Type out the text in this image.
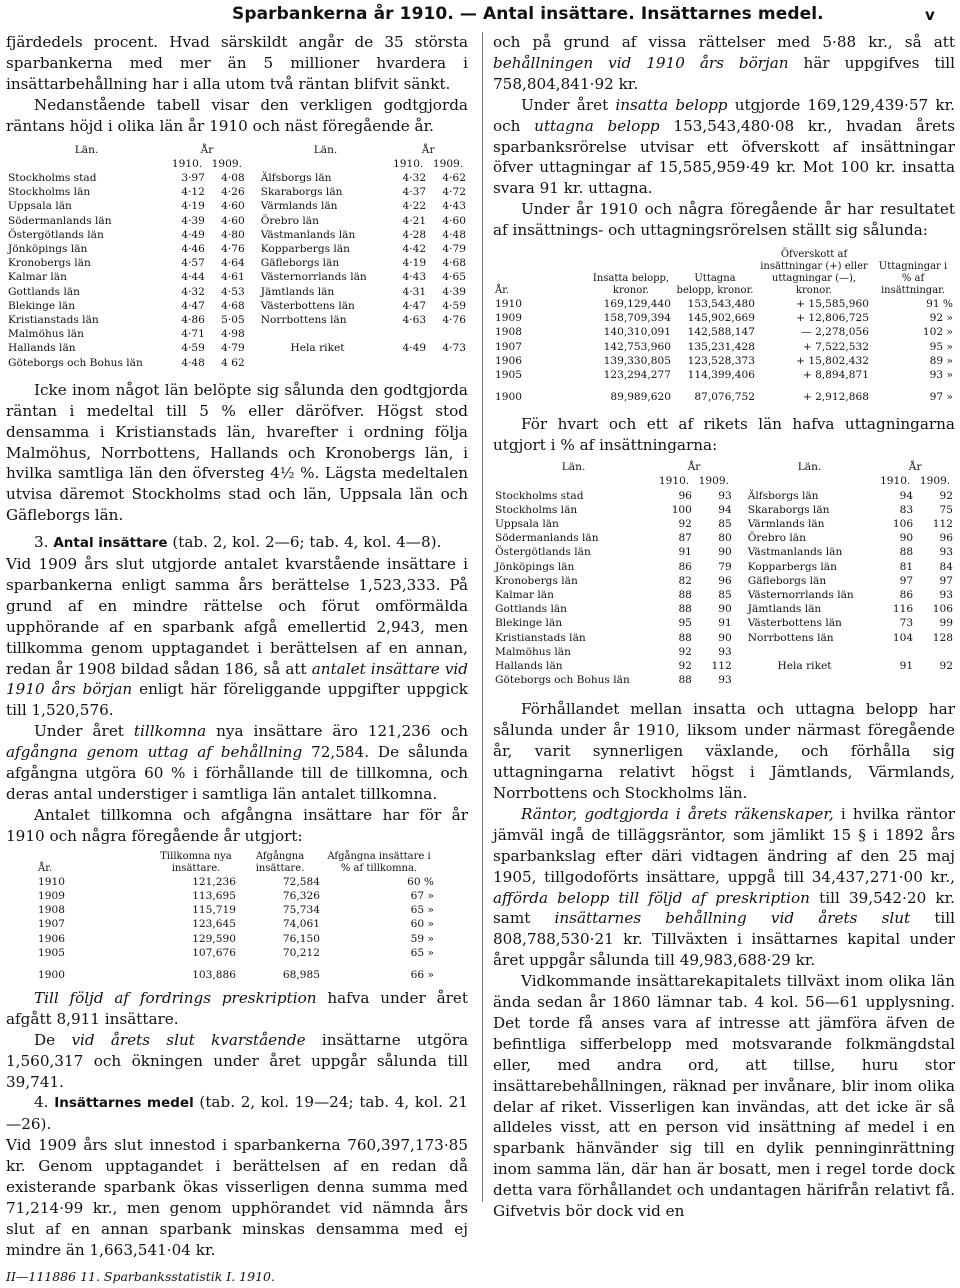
Sparbankerna år 1910. — Antal insättare. Insättarnes medel.	v

fjärdedels procent. Hvad särskildt angår de 35 största sparbankerna med mer än 5 millioner hvardera i insättarbehållning har i alla utom två räntan blifvit sänkt.

Nedanstående tabell visar den verkligen godtgjorda räntans höjd i olika län år 1910 och näst föregående år.

Län.	År		Län.	År	
	1910.	1909.		1910.	1909.
Stockholms stad	3·97	4·08	Älfsborgs län	4·32	4·62
Stockholms län	4·12	4·26	Skaraborgs län	4·37	4·72
Uppsala län	4·19	4·60	Värmlands län	4·22	4·43
Södermanlands län	4·39	4·60	Örebro län	4·21	4·60
Östergötlands län	4·49	4·80	Västmanlands län	4·28	4·48
Jönköpings län	4·46	4·76	Kopparbergs län	4·42	4·79
Kronobergs län	4·57	4·64	Gäfleborgs län	4·19	4·68
Kalmar län	4·44	4·61	Västernorrlands län	4·43	4·65
Gottlands län	4·32	4·53	Jämtlands län	4·31	4·39
Blekinge län	4·47	4·68	Västerbottens län	4·47	4·59
Kristianstads län	4·86	5·05	Norrbottens län	4·63	4·76
Malmöhus län	4·71	4·98			
Hallands län	4·59	4·79	Hela riket	4·49	4·73
Göteborgs och Bohus län	4·48	4 62			

Icke inom något län belöpte sig sålunda den godtgjorda räntan i medeltal till 5 % eller däröfver. Högst stod densamma i Kristianstads län, hvarefter i ordning följa Malmöhus, Norrbottens, Hallands och Kronobergs län, i hvilka samtliga län den öfversteg 4½ %. Lägsta medeltalen utvisa däremot Stockholms stad och län, Uppsala län och Gäfleborgs län.

3. Antal insättare (tab. 2, kol. 2—6; tab. 4, kol. 4—8).

Vid 1909 års slut utgjorde antalet kvarstående insättare i sparbankerna enligt samma års berättelse 1,523,333. På grund af en mindre rättelse och förut omförmälda upphörande af en sparbank afgå emellertid 2,943, men tillkomma genom upptagandet i berättelsen af en annan, redan år 1908 bildad sådan 186, så att antalet insättare vid 1910 års början enligt här föreliggande uppgifter uppgick till 1,520,576.

Under året tillkomna nya insättare äro 121,236 och afgångna genom uttag af behållning 72,584. De sålunda afgångna utgöra 60 % i förhållande till de tillkomna, och deras antal understiger i samtliga län antalet tillkomna.

Antalet tillkomna och afgångna insättare har för år 1910 och några föregående år utgjort:

År.	Tillkomna nya insättare.	Afgångna insättare.	Afgångna insättare i % af tillkomna.
1910	121,236	72,584	60 %
1909	113,695	76,326	67 »
1908	115,719	75,734	65 »
1907	123,645	74,061	60 »
1906	129,590	76,150	59 »
1905	107,676	70,212	65 »
1900	103,886	68,985	66 »

Till följd af fordrings preskription hafva under året afgått 8,911 insättare.

De vid årets slut kvarstående insättarne utgöra 1,560,317 och ökningen under året uppgår sålunda till 39,741.

4. Insättarnes medel (tab. 2, kol. 19—24; tab. 4, kol. 21—26).

Vid 1909 års slut innestod i sparbankerna 760,397,173·85 kr. Genom upptagandet i berättelsen af en redan då existerande sparbank ökas visserligen denna summa med 71,214·99 kr., men genom upphörandet vid nämnda års slut af en annan sparbank minskas densamma med ej mindre än 1,663,541·04 kr.

II—111886 11. Sparbanksstatistik I. 1910.

och på grund af vissa rättelser med 5·88 kr., så att behållningen vid 1910 års början här uppgifves till 758,804,841·92 kr.

Under året insatta belopp utgjorde 169,129,439·57 kr. och uttagna belopp 153,543,480·08 kr., hvadan årets sparbanksrörelse utvisar ett öfverskott af insättningar öfver uttagningar af 15,585,959·49 kr. Mot 100 kr. insatta svara 91 kr. uttagna.

Under år 1910 och några föregående år har resultatet af insättnings- och uttagningsrörelsen ställt sig sålunda:

År.	Insatta belopp, kronor.	Uttagna belopp, kronor.	Öfverskott af insättningar (+) eller uttagningar (—), kronor.	Uttagningar i % af insättningar.
1910	169,129,440	153,543,480	+ 15,585,960	91 %
1909	158,709,394	145,902,669	+ 12,806,725	92 »
1908	140,310,091	142,588,147	— 2,278,056	102 »
1907	142,753,960	135,231,428	+ 7,522,532	95 »
1906	139,330,805	123,528,373	+ 15,802,432	89 »
1905	123,294,277	114,399,406	+ 8,894,871	93 »
1900	89,989,620	87,076,752	+ 2,912,868	97 »

För hvart och ett af rikets län hafva uttagningarna utgjort i % af insättningarna:

Län.	År		Län.	År	
	1910.	1909.		1910.	1909.
Stockholms stad	96	93	Älfsborgs län	94	92
Stockholms län	100	94	Skaraborgs län	83	75
Uppsala län	92	85	Värmlands län	106	112
Södermanlands län	87	80	Örebro län	90	96
Östergötlands län	91	90	Västmanlands län	88	93
Jönköpings län	86	79	Kopparbergs län	81	84
Kronobergs län	82	96	Gäfleborgs län	97	97
Kalmar län	88	85	Västernorrlands län	86	93
Gottlands län	88	90	Jämtlands län	116	106
Blekinge län	95	91	Västerbottens län	73	99
Kristianstads län	88	90	Norrbottens län	104	128
Malmöhus län	92	93			
Hallands län	92	112	Hela riket	91	92
Göteborgs och Bohus län	88	93			

Förhållandet mellan insatta och uttagna belopp har sålunda under år 1910, liksom under närmast föregående år, varit synnerligen växlande, och förhålla sig uttagningarna relativt högst i Jämtlands, Värmlands, Norrbottens och Stockholms län.

Räntor, godtgjorda i årets räkenskaper, i hvilka räntor jämväl ingå de tilläggsräntor, som jämlikt 15 § i 1892 års sparbankslag efter däri vidtagen ändring af den 25 maj 1905, tillgodoförts insättare, uppgå till 34,437,271·00 kr., afförda belopp till följd af preskription till 39,542·20 kr. samt insättarnes behållning vid årets slut till 808,788,530·21 kr. Tillväxten i insättarnes kapital under året uppgår sålunda till 49,983,688·29 kr.

Vidkommande insättarekapitalets tillväxt inom olika län ända sedan år 1860 lämnar tab. 4 kol. 56—61 upplysning. Det torde få anses vara af intresse att jämföra äfven de befintliga sifferbelopp med motsvarande folkmängdstal eller, med andra ord, att tillse, huru stor insättarebehållningen, räknad per invånare, blir inom olika delar af riket. Visserligen kan invändas, att det icke är så alldeles visst, att en person vid insättning af medel i en sparbank hänvänder sig till en dylik penninginrättning inom samma län, där han är bosatt, men i regel torde dock detta vara förhållandet och undantagen härifrån relativt få. Gifvetvis bör dock vid en
